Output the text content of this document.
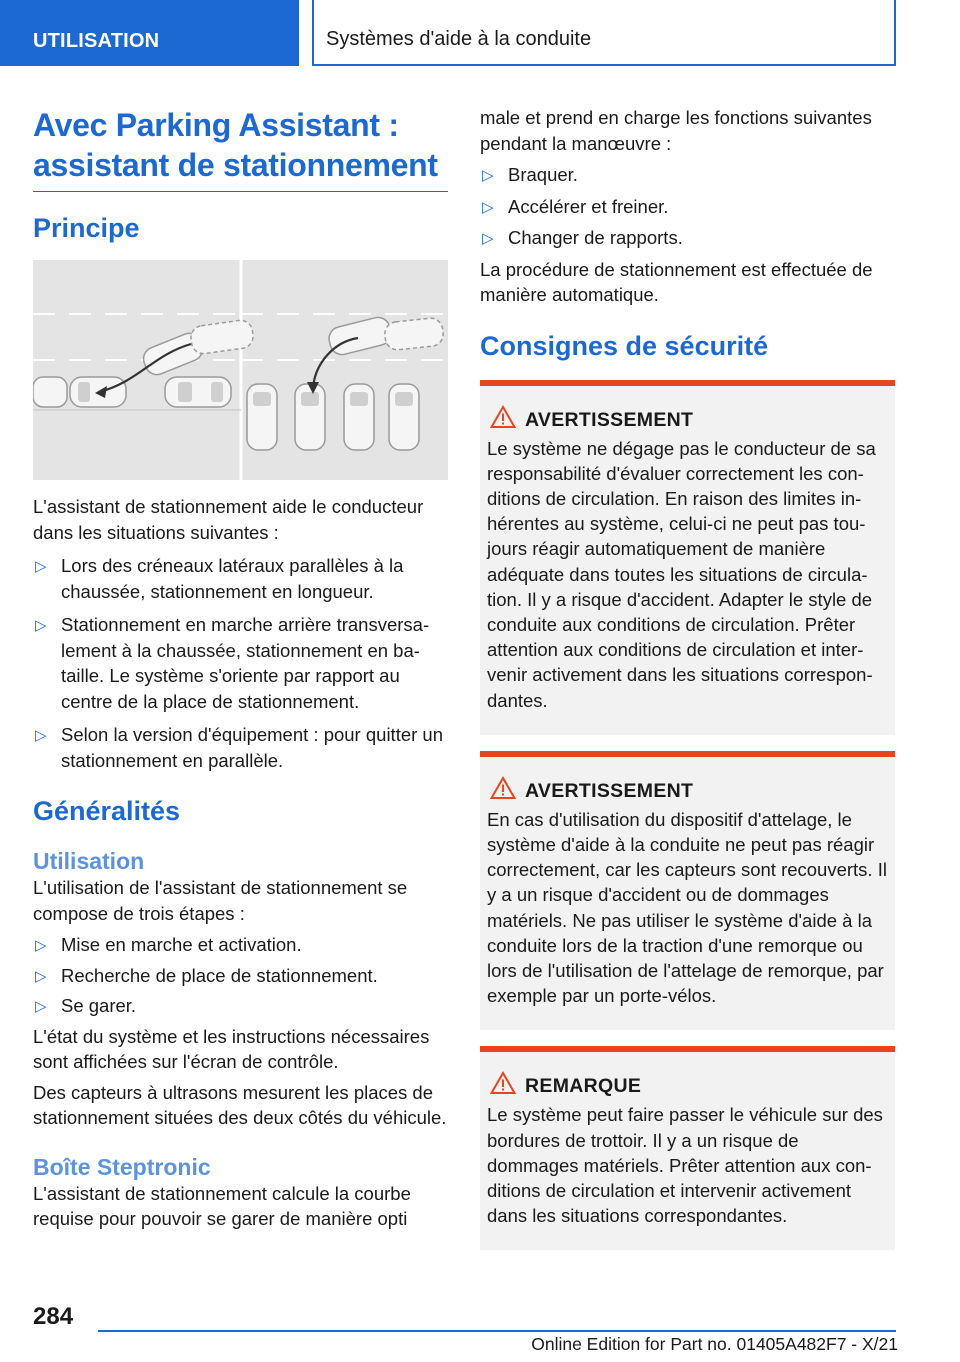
UTILISATION	Systèmes d'aide à la conduite
Avec Parking Assistant : assistant de stationnement
Principe
L'assistant de stationnement aide le conducteur dans les situations suivantes :
▷ Lors des créneaux latéraux parallèles à la chaussée, stationnement en longueur.
▷ Stationnement en marche arrière transversalement à la chaussée, stationnement en bataille. Le système s'oriente par rapport au centre de la place de stationnement.
▷ Selon la version d'équipement : pour quitter un stationnement en parallèle.
Généralités
Utilisation
L'utilisation de l'assistant de stationnement se compose de trois étapes :
▷ Mise en marche et activation.
▷ Recherche de place de stationnement.
▷ Se garer.
L'état du système et les instructions nécessaires sont affichées sur l'écran de contrôle.
Des capteurs à ultrasons mesurent les places de stationnement situées des deux côtés du véhicule.
Boîte Steptronic
L'assistant de stationnement calcule la courbe requise pour pouvoir se garer de manière opti
male et prend en charge les fonctions suivantes pendant la manœuvre :
▷ Braquer.
▷ Accélérer et freiner.
▷ Changer de rapports.
La procédure de stationnement est effectuée de manière automatique.
Consignes de sécurité
AVERTISSEMENT
Le système ne dégage pas le conducteur de sa responsabilité d'évaluer correctement les conditions de circulation. En raison des limites inhérentes au système, celui-ci ne peut pas toujours réagir automatiquement de manière adéquate dans toutes les situations de circulation. Il y a risque d'accident. Adapter le style de conduite aux conditions de circulation. Prêter attention aux conditions de circulation et intervenir activement dans les situations correspondantes.
AVERTISSEMENT
En cas d'utilisation du dispositif d'attelage, le système d'aide à la conduite ne peut pas réagir correctement, car les capteurs sont recouverts. Il y a un risque d'accident ou de dommages matériels. Ne pas utiliser le système d'aide à la conduite lors de la traction d'une remorque ou lors de l'utilisation de l'attelage de remorque, par exemple par un porte-vélos.
REMARQUE
Le système peut faire passer le véhicule sur des bordures de trottoir. Il y a un risque de dommages matériels. Prêter attention aux conditions de circulation et intervenir activement dans les situations correspondantes.
284
Online Edition for Part no. 01405A482F7 - X/21
